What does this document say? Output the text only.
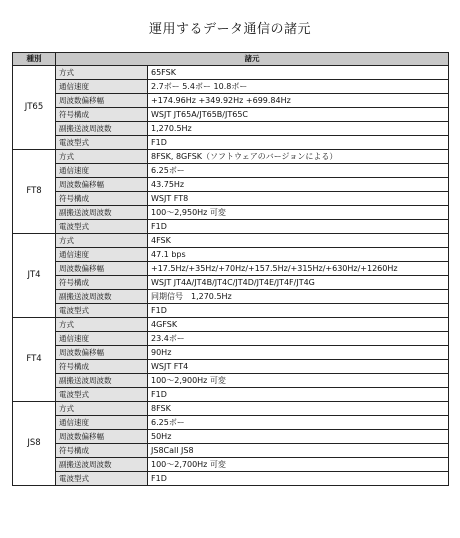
運用するデータ通信の諸元
種別	諸元	
JT65	方式	65FSK
	通信速度	2.7ボー 5.4ボー 10.8ボー
	周波数偏移幅	+174.96Hz +349.92Hz +699.84Hz
	符号構成	WSJT JT65A/JT65B/JT65C
	副搬送波周波数	1,270.5Hz
	電波型式	F1D
FT8	方式	8FSK, 8GFSK（ソフトウェアのバージョンによる）
	通信速度	6.25ボー
	周波数偏移幅	43.75Hz
	符号構成	WSJT FT8
	副搬送波周波数	100～2,950Hz 可変
	電波型式	F1D
JT4	方式	4FSK
	通信速度	47.1 bps
	周波数偏移幅	+17.5Hz/+35Hz/+70Hz/+157.5Hz/+315Hz/+630Hz/+1260Hz
	符号構成	WSJT JT4A/JT4B/JT4C/JT4D/JT4E/JT4F/JT4G
	副搬送波周波数	同期信号　1,270.5Hz
	電波型式	F1D
FT4	方式	4GFSK
	通信速度	23.4ボー
	周波数偏移幅	90Hz
	符号構成	WSJT FT4
	副搬送波周波数	100～2,900Hz 可変
	電波型式	F1D
JS8	方式	8FSK
	通信速度	6.25ボー
	周波数偏移幅	50Hz
	符号構成	JS8Call JS8
	副搬送波周波数	100～2,700Hz 可変
	電波型式	F1D
